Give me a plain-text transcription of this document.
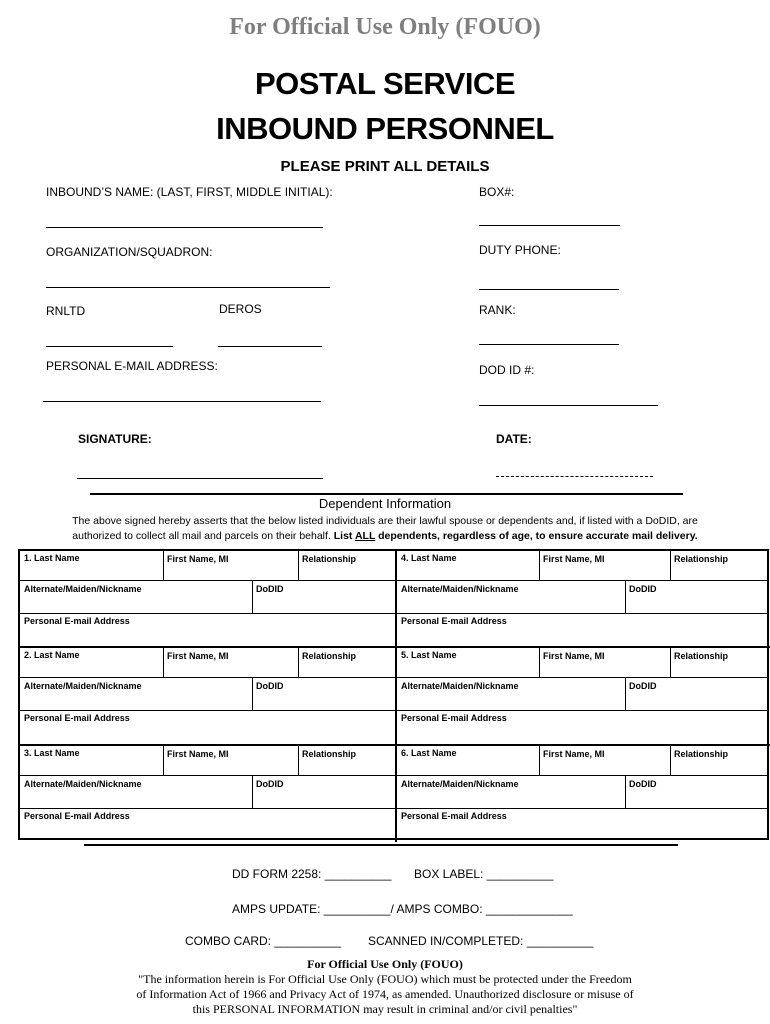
For Official Use Only (FOUO)
POSTAL SERVICE
INBOUND PERSONNEL
PLEASE PRINT ALL DETAILS
INBOUND’S NAME: (LAST, FIRST, MIDDLE INITIAL):	BOX#:
ORGANIZATION/SQUADRON:	DUTY PHONE:
RNLTD	DEROS	RANK:
PERSONAL E-MAIL ADDRESS:	DOD ID #:
SIGNATURE:	DATE:
Dependent Information
The above signed hereby asserts that the below listed individuals are their lawful spouse or dependents and, if listed with a DoDID, are
authorized to collect all mail and parcels on their behalf. List ALL dependents, regardless of age, to ensure accurate mail delivery.
1. Last Name	First Name, MI	Relationship
Alternate/Maiden/Nickname	DoDID
Personal E-mail Address
2. Last Name	First Name, MI	Relationship
Alternate/Maiden/Nickname	DoDID
Personal E-mail Address
3. Last Name	First Name, MI	Relationship
Alternate/Maiden/Nickname	DoDID
Personal E-mail Address
4. Last Name	First Name, MI	Relationship
Alternate/Maiden/Nickname	DoDID
Personal E-mail Address
5. Last Name	First Name, MI	Relationship
Alternate/Maiden/Nickname	DoDID
Personal E-mail Address
6. Last Name	First Name, MI	Relationship
Alternate/Maiden/Nickname	DoDID
Personal E-mail Address
DD FORM 2258: __________ BOX LABEL: __________
AMPS UPDATE: __________/ AMPS COMBO: _____________
COMBO CARD: __________ SCANNED IN/COMPLETED: __________
For Official Use Only (FOUO)
"The information herein is For Official Use Only (FOUO) which must be protected under the Freedom
of Information Act of 1966 and Privacy Act of 1974, as amended. Unauthorized disclosure or misuse of
this PERSONAL INFORMATION may result in criminal and/or civil penalties"
